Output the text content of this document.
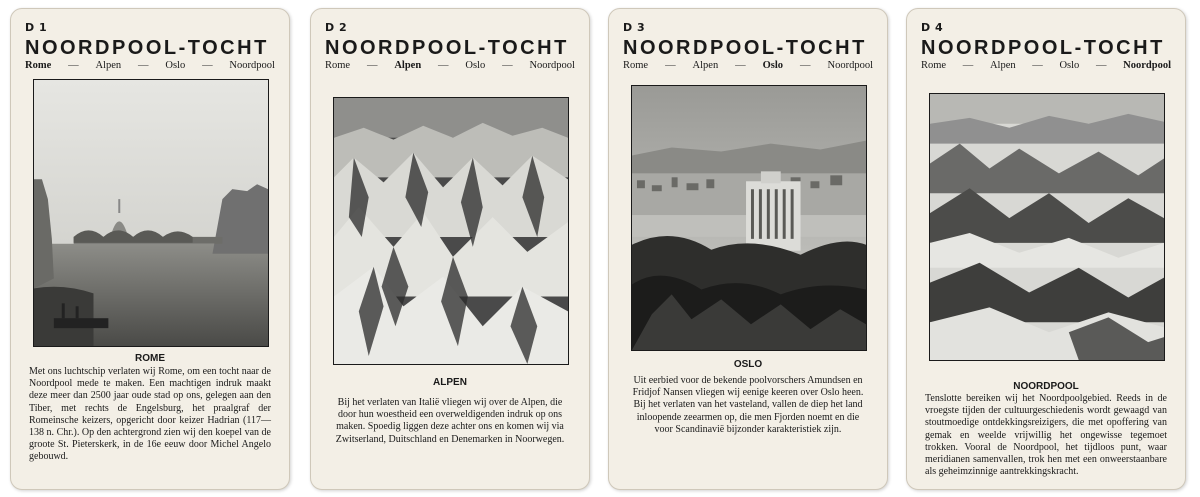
D 1
NOORDPOOL-TOCHT
Rome — Alpen — Oslo — Noordpool
ROME
Met ons luchtschip verlaten wij Rome, om een tocht naar de Noordpool mede te maken. Een machtigen indruk maakt deze meer dan 2500 jaar oude stad op ons, gelegen aan den Tiber, met rechts de Engelsburg, het praalgraf der Romeinsche keizers, opgericht door keizer Hadrian (117—138 n. Chr.). Op den achtergrond zien wij den koepel van de groote St. Pieterskerk, in de 16e eeuw door Michel Angelo gebouwd.
D 2
NOORDPOOL-TOCHT
Rome — Alpen — Oslo — Noordpool
ALPEN
Bij het verlaten van Italië vliegen wij over de Alpen, die door hun woestheid een overweldigenden indruk op ons maken. Spoedig liggen deze achter ons en komen wij via Zwitserland, Duitschland en Denemarken in Noorwegen.
D 3
NOORDPOOL-TOCHT
Rome — Alpen — Oslo — Noordpool
OSLO
Uit eerbied voor de bekende poolvorschers Amundsen en Fridjof Nansen vliegen wij eenige keeren over Oslo heen. Bij het verlaten van het vasteland, vallen de diep het land inloopende zeearmen op, die men Fjorden noemt en die voor Scandinavië bijzonder karakteristiek zijn.
D 4
NOORDPOOL-TOCHT
Rome — Alpen — Oslo — Noordpool
NOORDPOOL
Tenslotte bereiken wij het Noordpoolgebied. Reeds in de vroegste tijden der cultuurgeschiedenis wordt gewaagd van stoutmoedige ontdekkingsreizigers, die met opoffering van gemak en weelde vrijwillig het ongewisse tegemoet trokken. Vooral de Noordpool, het tijdloos punt, waar meridianen samenvallen, trok hen met een onweerstaanbare als geheimzinnige aantrekkingskracht.
